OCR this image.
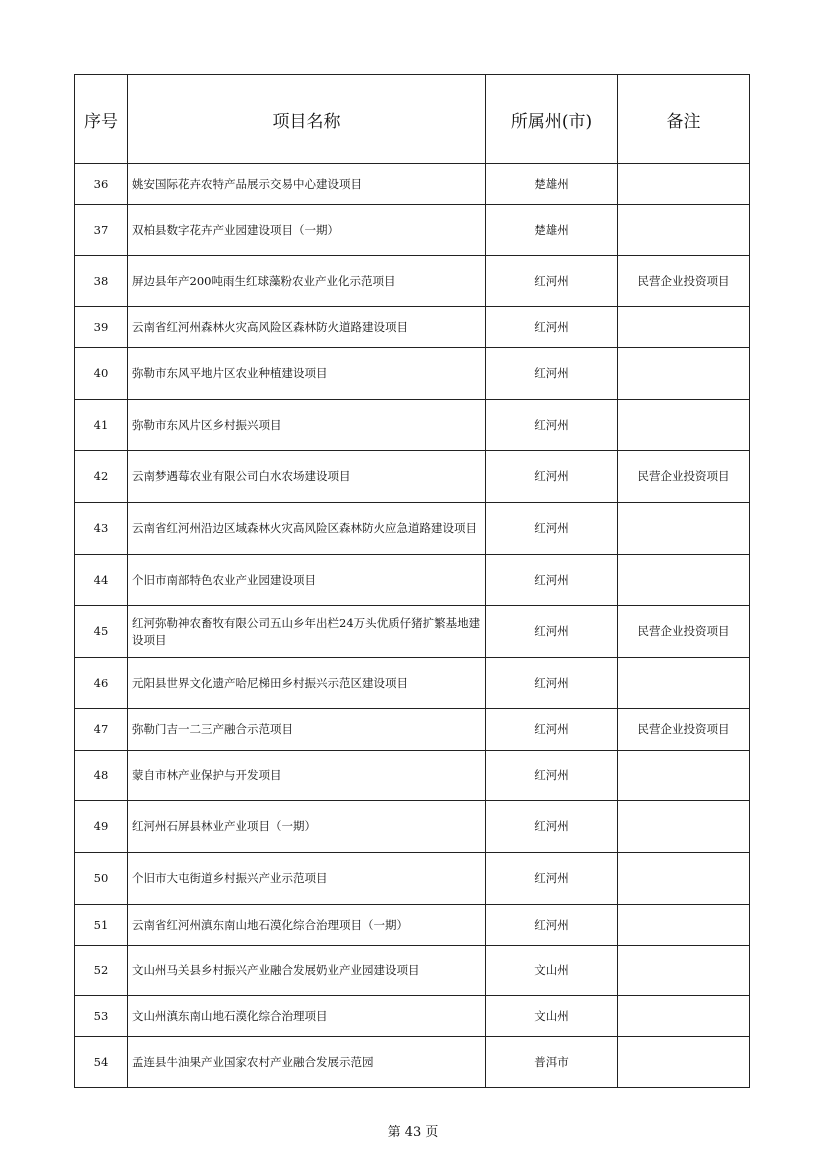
序号	项目名称	所属州(市)	备注
36	姚安国际花卉农特产品展示交易中心建设项目	楚雄州	
37	双柏县数字花卉产业园建设项目（一期）	楚雄州	
38	屏边县年产200吨雨生红球藻粉农业产业化示范项目	红河州	民营企业投资项目
39	云南省红河州森林火灾高风险区森林防火道路建设项目	红河州	
40	弥勒市东风平地片区农业种植建设项目	红河州	
41	弥勒市东风片区乡村振兴项目	红河州	
42	云南梦遇莓农业有限公司白水农场建设项目	红河州	民营企业投资项目
43	云南省红河州沿边区域森林火灾高风险区森林防火应急道路建设项目	红河州	
44	个旧市南部特色农业产业园建设项目	红河州	
45	红河弥勒神农畜牧有限公司五山乡年出栏24万头优质仔猪扩繁基地建设项目	红河州	民营企业投资项目
46	元阳县世界文化遗产哈尼梯田乡村振兴示范区建设项目	红河州	
47	弥勒门吉一二三产融合示范项目	红河州	民营企业投资项目
48	蒙自市林产业保护与开发项目	红河州	
49	红河州石屏县林业产业项目（一期）	红河州	
50	个旧市大屯街道乡村振兴产业示范项目	红河州	
51	云南省红河州滇东南山地石漠化综合治理项目（一期）	红河州	
52	文山州马关县乡村振兴产业融合发展奶业产业园建设项目	文山州	
53	文山州滇东南山地石漠化综合治理项目	文山州	
54	孟连县牛油果产业国家农村产业融合发展示范园	普洱市	
第 43 页
